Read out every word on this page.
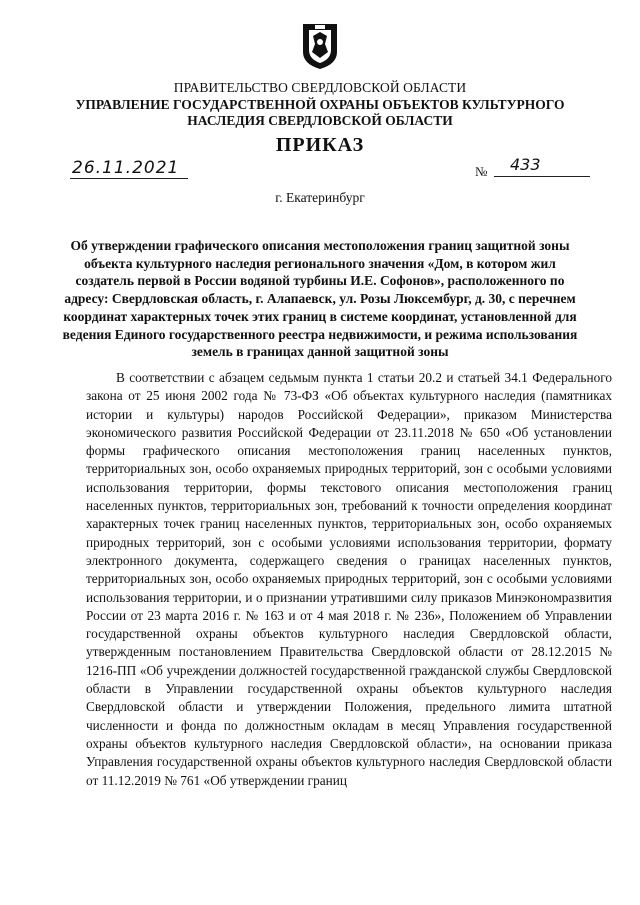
ПРАВИТЕЛЬСТВО СВЕРДЛОВСКОЙ ОБЛАСТИ
УПРАВЛЕНИЕ ГОСУДАРСТВЕННОЙ ОХРАНЫ ОБЪЕКТОВ КУЛЬТУРНОГО НАСЛЕДИЯ СВЕРДЛОВСКОЙ ОБЛАСТИ
ПРИКАЗ
26.11.2021	№ 433
г. Екатеринбург
Об утверждении графического описания местоположения границ защитной зоны объекта культурного наследия регионального значения «Дом, в котором жил создатель первой в России водяной турбины И.Е. Софонов», расположенного по адресу: Свердловская область, г. Алапаевск, ул. Розы Люксембург, д. 30, с перечнем координат характерных точек этих границ в системе координат, установленной для ведения Единого государственного реестра недвижимости, и режима использования земель в границах данной защитной зоны

В соответствии с абзацем седьмым пункта 1 статьи 20.2 и статьей 34.1 Федерального закона от 25 июня 2002 года № 73-ФЗ «Об объектах культурного наследия (памятниках истории и культуры) народов Российской Федерации», приказом Министерства экономического развития Российской Федерации от 23.11.2018 № 650 «Об установлении формы графического описания местоположения границ населенных пунктов, территориальных зон, особо охраняемых природных территорий, зон с особыми условиями использования территории, формы текстового описания местоположения границ населенных пунктов, территориальных зон, требований к точности определения координат характерных точек границ населенных пунктов, территориальных зон, особо охраняемых природных территорий, зон с особыми условиями использования территории, формату электронного документа, содержащего сведения о границах населенных пунктов, территориальных зон, особо охраняемых природных территорий, зон с особыми условиями использования территории, и о признании утратившими силу приказов Минэкономразвития России от 23 марта 2016 г. № 163 и от 4 мая 2018 г. № 236», Положением об Управлении государственной охраны объектов культурного наследия Свердловской области, утвержденным постановлением Правительства Свердловской области от 28.12.2015 № 1216-ПП «Об учреждении должностей государственной гражданской службы Свердловской области в Управлении государственной охраны объектов культурного наследия Свердловской области и утверждении Положения, предельного лимита штатной численности и фонда по должностным окладам в месяц Управления государственной охраны объектов культурного наследия Свердловской области», на основании приказа Управления государственной охраны объектов культурного наследия Свердловской области от 11.12.2019 № 761 «Об утверждении границ
